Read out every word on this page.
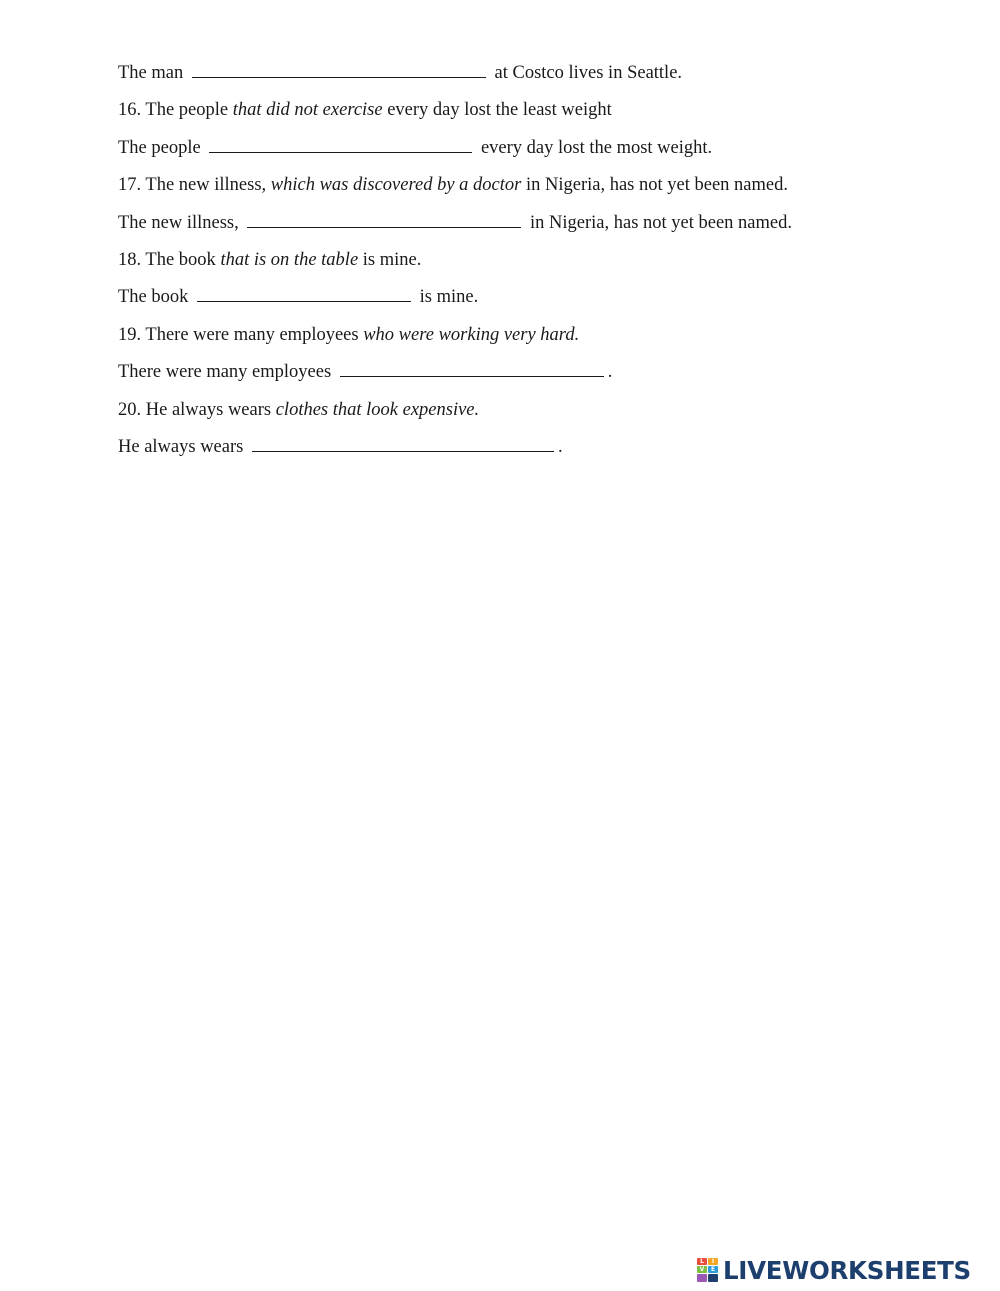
The man	at Costco lives in Seattle.
16. The people that did not exercise every day lost the least weight
The people	every day lost the most weight.
17. The new illness, which was discovered by a doctor in Nigeria, has not yet been named.
The new illness,	in Nigeria, has not yet been named.
18. The book that is on the table is mine.
The book	is mine.
19. There were many employees who were working very hard.
There were many employees	.
20. He always wears clothes that look expensive.
He always wears	.
L	I
V	E LIVEWORKSHEETS
